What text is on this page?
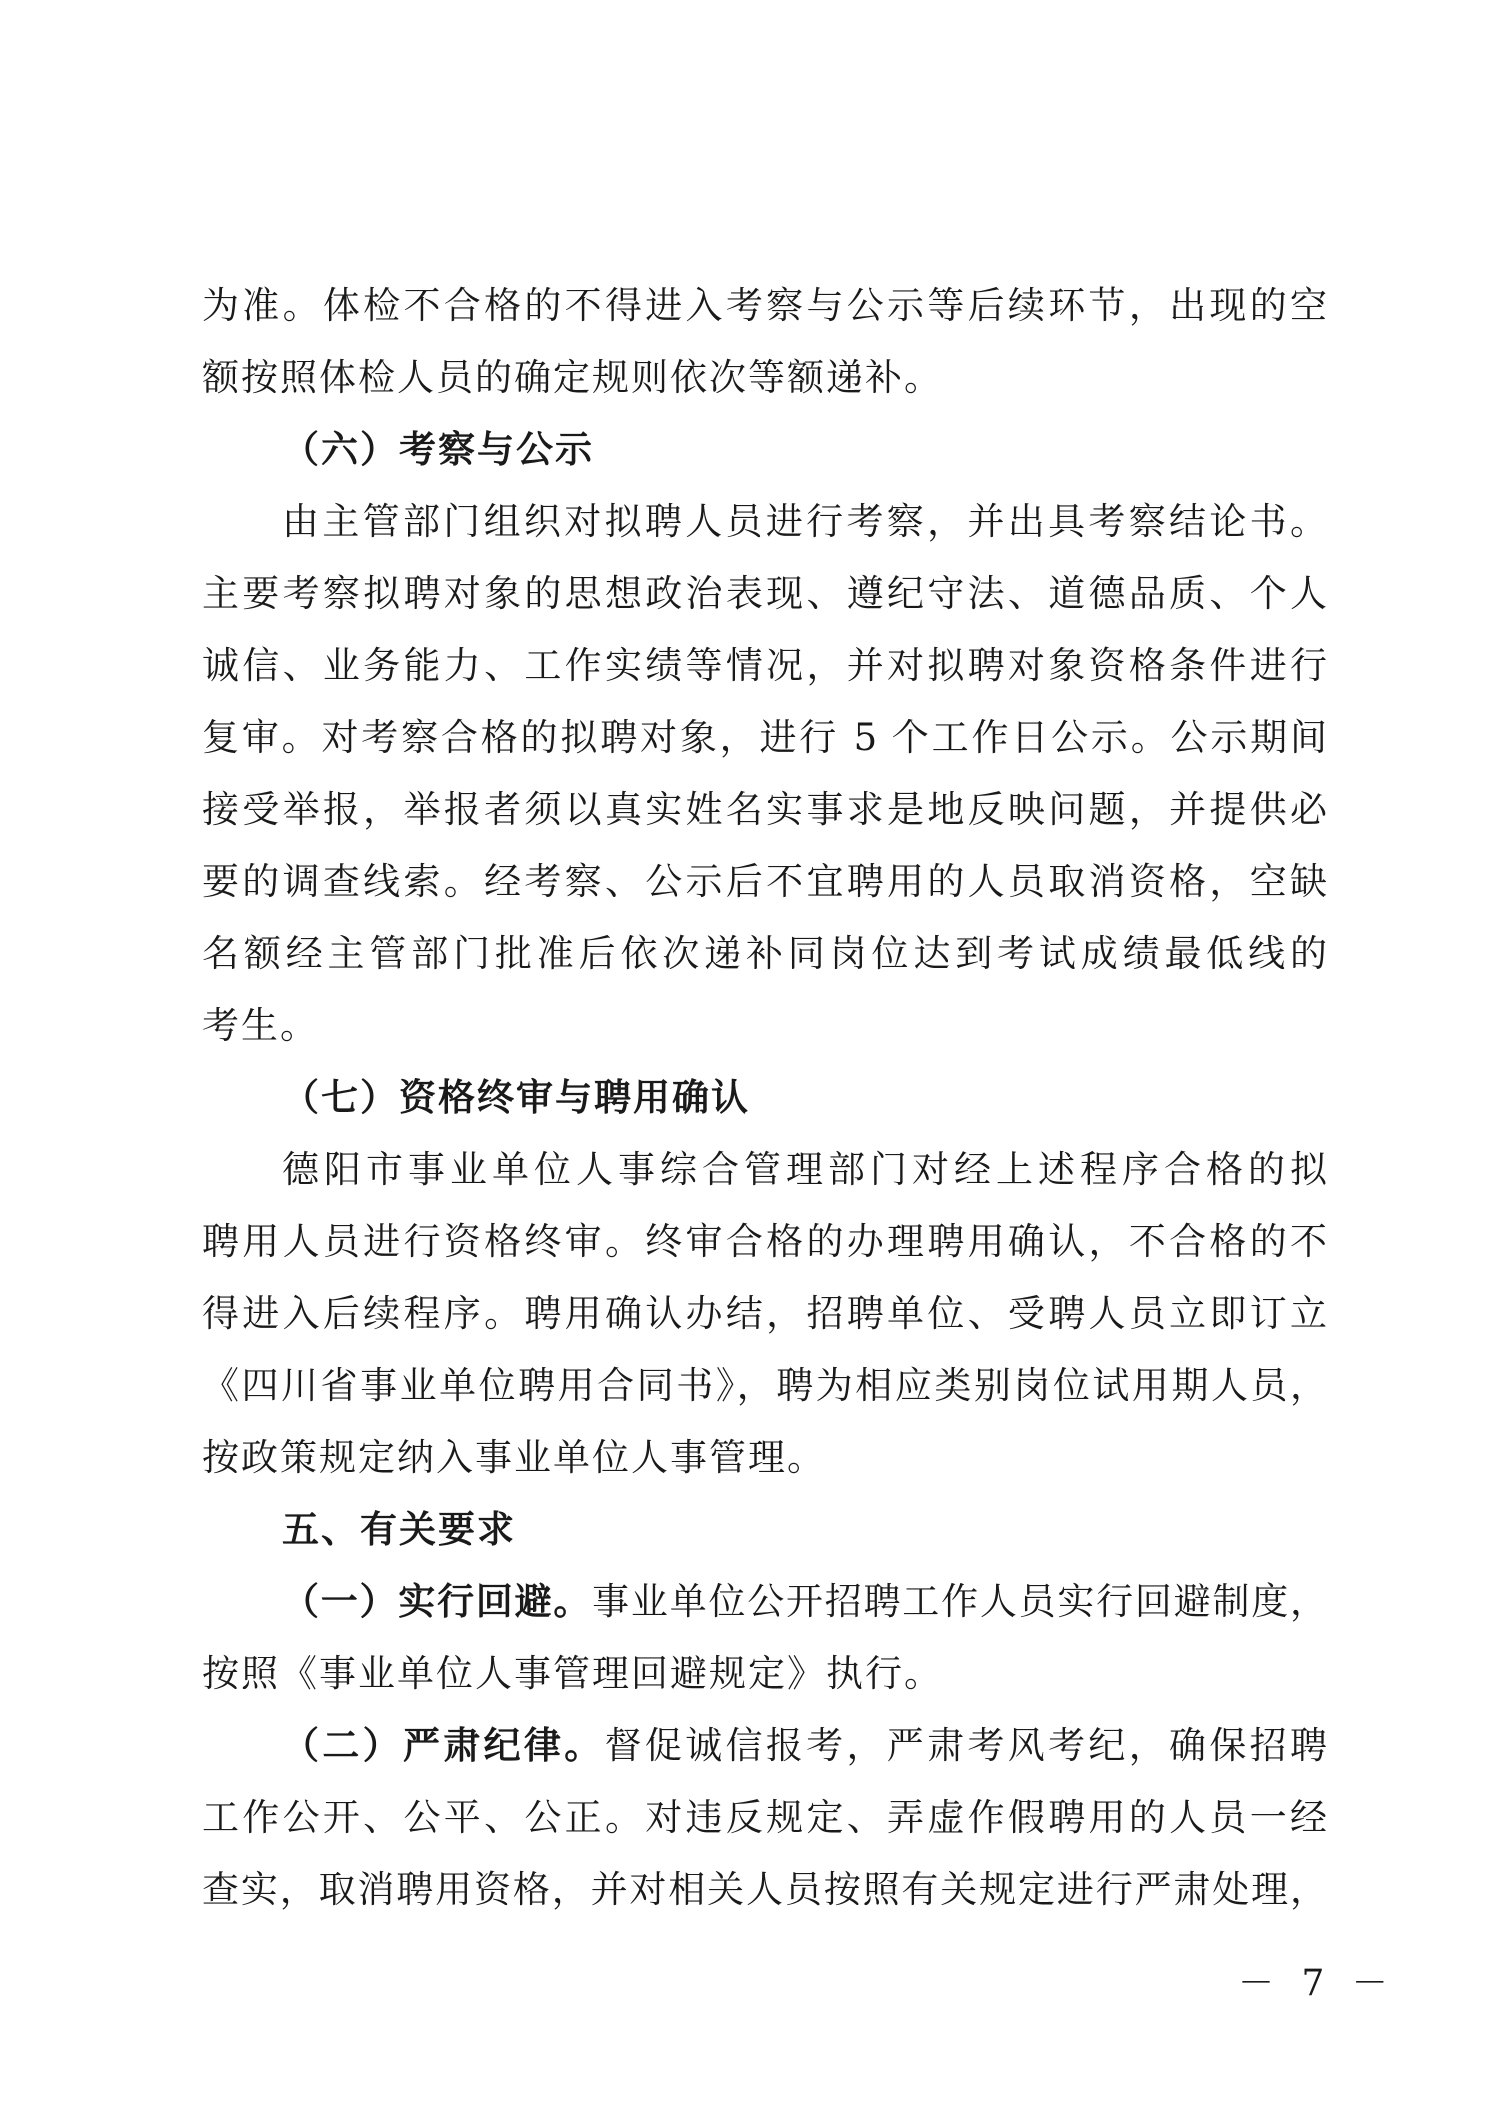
为准。体检不合格的不得进入考察与公示等后续环节，出现的空
额按照体检人员的确定规则依次等额递补。
（六）考察与公示
由主管部门组织对拟聘人员进行考察，并出具考察结论书。
主要考察拟聘对象的思想政治表现、遵纪守法、道德品质、个人
诚信、业务能力、工作实绩等情况，并对拟聘对象资格条件进行
复审。对考察合格的拟聘对象，进行 5 个工作日公示。公示期间
接受举报，举报者须以真实姓名实事求是地反映问题，并提供必
要的调查线索。经考察、公示后不宜聘用的人员取消资格，空缺
名额经主管部门批准后依次递补同岗位达到考试成绩最低线的
考生。
（七）资格终审与聘用确认
德阳市事业单位人事综合管理部门对经上述程序合格的拟
聘用人员进行资格终审。终审合格的办理聘用确认，不合格的不
得进入后续程序。聘用确认办结，招聘单位、受聘人员立即订立
《四川省事业单位聘用合同书》，聘为相应类别岗位试用期人员，
按政策规定纳入事业单位人事管理。
五、有关要求
（一）实行回避。事业单位公开招聘工作人员实行回避制度，
按照《事业单位人事管理回避规定》执行。
（二）严肃纪律。督促诚信报考，严肃考风考纪，确保招聘
工作公开、公平、公正。对违反规定、弄虚作假聘用的人员一经
查实，取消聘用资格，并对相关人员按照有关规定进行严肃处理，
－ 7 －
